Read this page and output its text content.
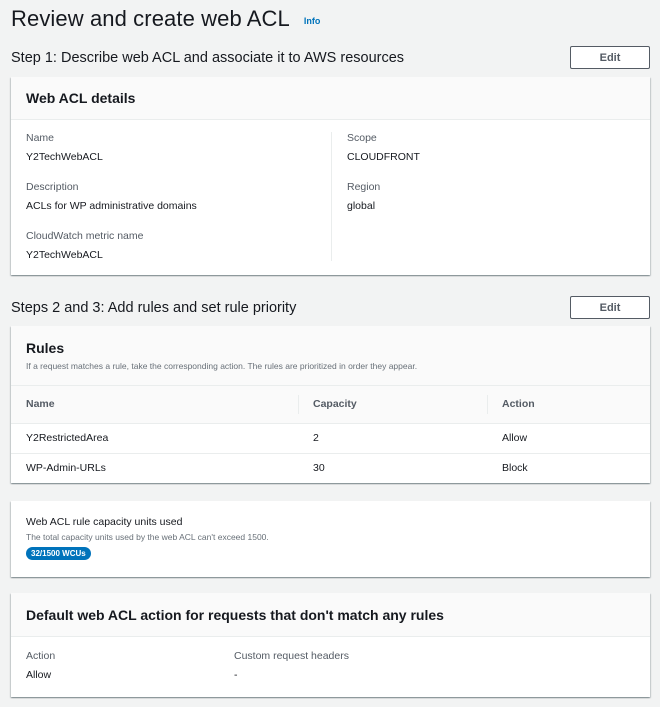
Review and create web ACL Info
Step 1: Describe web ACL and associate it to AWS resources	Edit
Web ACL details
Name
Y2TechWebACL
Description
ACLs for WP administrative domains
CloudWatch metric name
Y2TechWebACL
Scope
CLOUDFRONT
Region
global
Steps 2 and 3: Add rules and set rule priority	Edit
Rules

If a request matches a rule, take the corresponding action. The rules are prioritized in order they appear.

Name	Capacity	Action
Y2RestrictedArea	2	Allow
WP-Admin-URLs	30	Block
Web ACL rule capacity units used
The total capacity units used by the web ACL can't exceed 1500.
32/1500 WCUs
Default web ACL action for requests that don't match any rules
Action
Allow
Custom request headers
-
